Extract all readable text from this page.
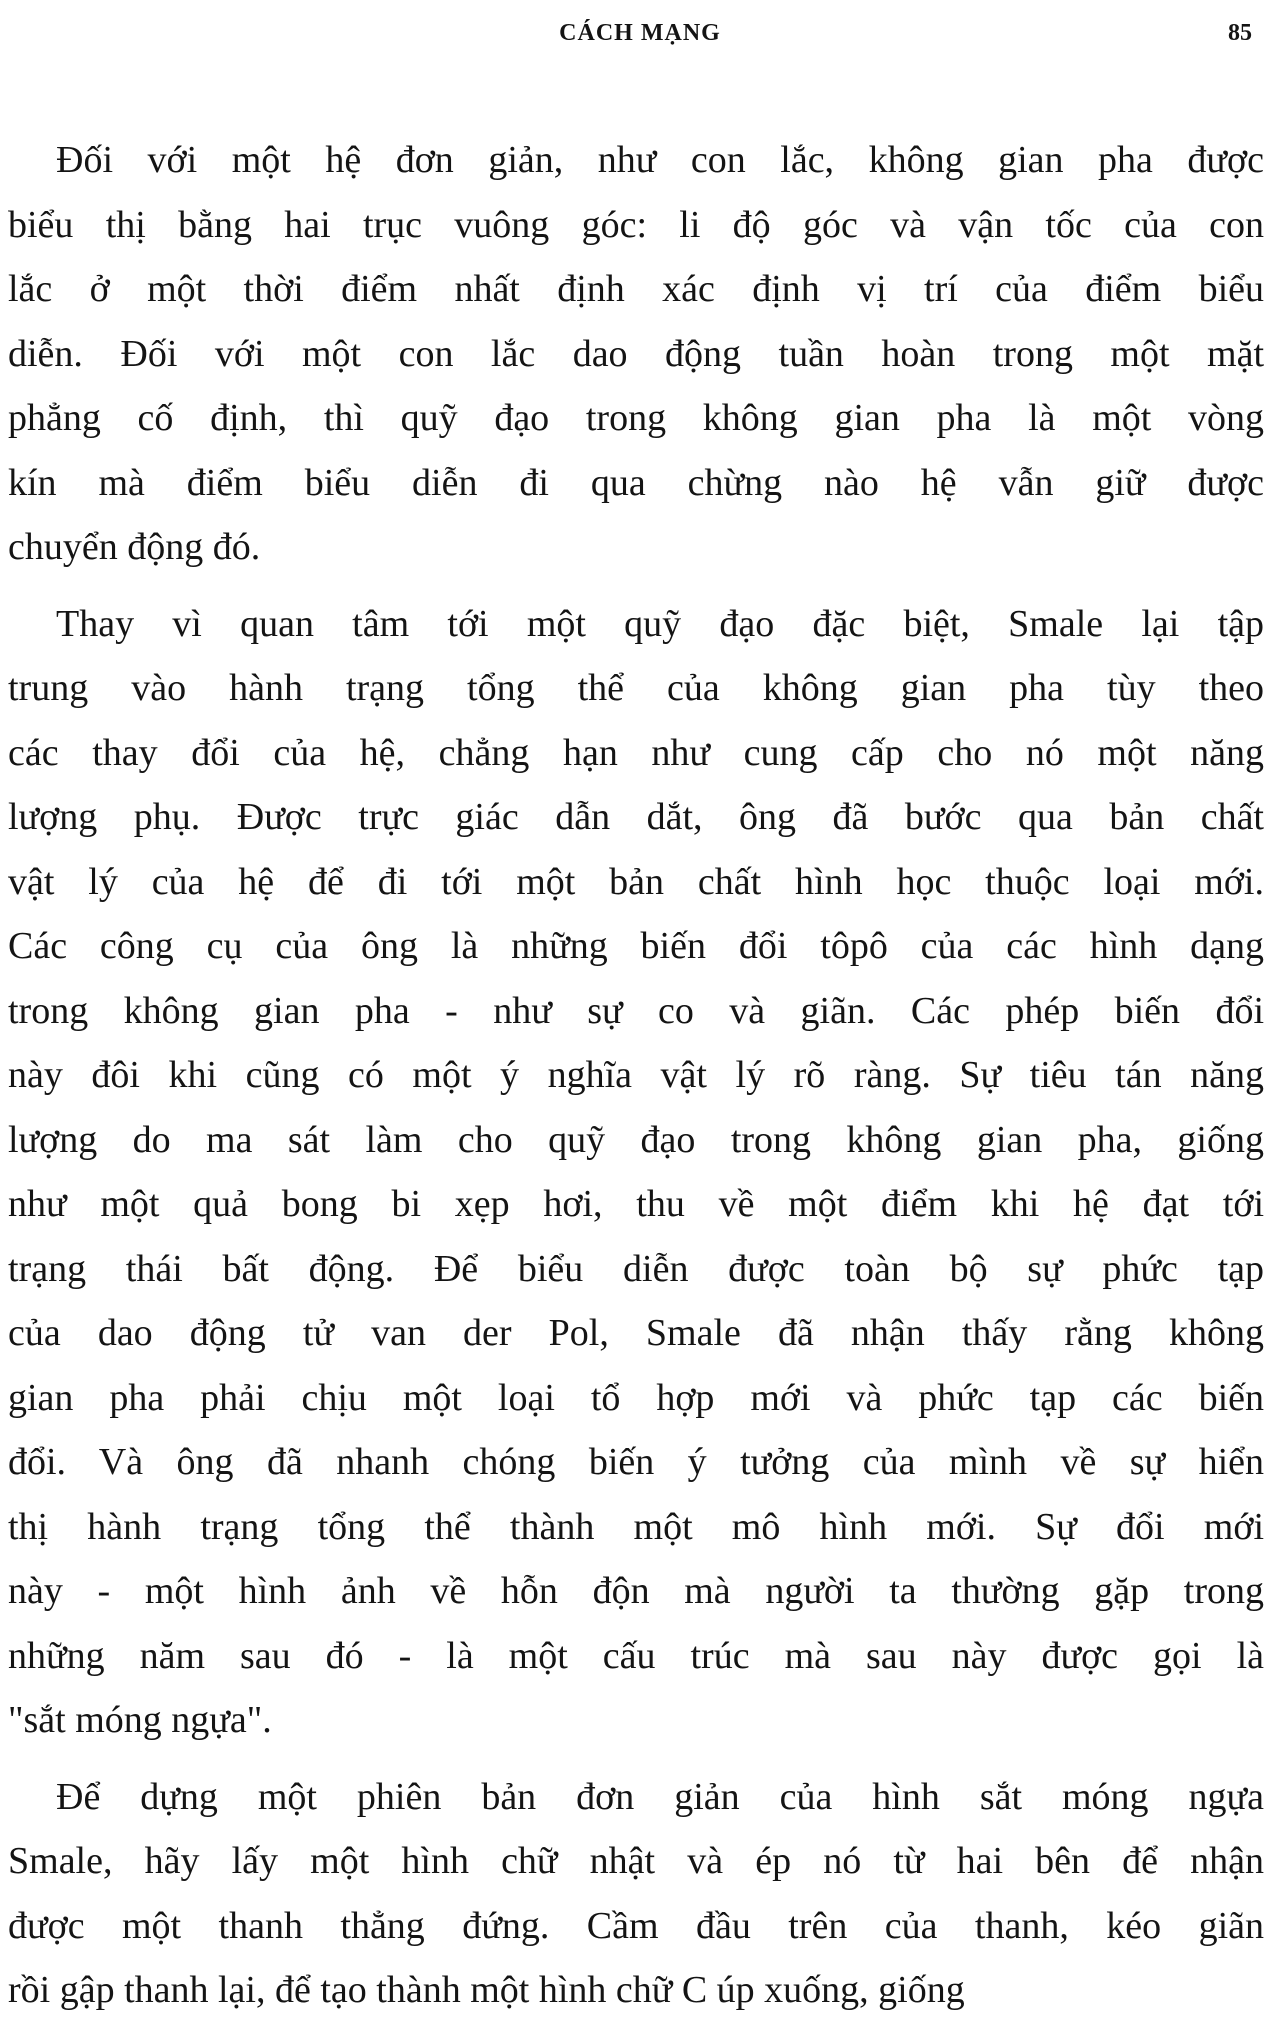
CÁCH MẠNG	85

Đối với một hệ đơn giản, như con lắc, không gian pha được
biểu thị bằng hai trục vuông góc: li độ góc và vận tốc của con
lắc ở một thời điểm nhất định xác định vị trí của điểm biểu
diễn. Đối với một con lắc dao động tuần hoàn trong một mặt
phẳng cố định, thì quỹ đạo trong không gian pha là một vòng
kín mà điểm biểu diễn đi qua chừng nào hệ vẫn giữ được
chuyển động đó.

Thay vì quan tâm tới một quỹ đạo đặc biệt, Smale lại tập
trung vào hành trạng tổng thể của không gian pha tùy theo
các thay đổi của hệ, chẳng hạn như cung cấp cho nó một năng
lượng phụ. Được trực giác dẫn dắt, ông đã bước qua bản chất
vật lý của hệ để đi tới một bản chất hình học thuộc loại mới.
Các công cụ của ông là những biến đổi tôpô của các hình dạng
trong không gian pha - như sự co và giãn. Các phép biến đổi
này đôi khi cũng có một ý nghĩa vật lý rõ ràng. Sự tiêu tán năng
lượng do ma sát làm cho quỹ đạo trong không gian pha, giống
như một quả bong bi xẹp hơi, thu về một điểm khi hệ đạt tới
trạng thái bất động. Để biểu diễn được toàn bộ sự phức tạp
của dao động tử van der Pol, Smale đã nhận thấy rằng không
gian pha phải chịu một loại tổ hợp mới và phức tạp các biến
đổi. Và ông đã nhanh chóng biến ý tưởng của mình về sự hiển
thị hành trạng tổng thể thành một mô hình mới. Sự đổi mới
này - một hình ảnh về hỗn độn mà người ta thường gặp trong
những năm sau đó - là một cấu trúc mà sau này được gọi là
"sắt móng ngựa".

Để dựng một phiên bản đơn giản của hình sắt móng ngựa
Smale, hãy lấy một hình chữ nhật và ép nó từ hai bên để nhận
được một thanh thẳng đứng. Cầm đầu trên của thanh, kéo giãn
rồi gập thanh lại, để tạo thành một hình chữ C úp xuống, giống
